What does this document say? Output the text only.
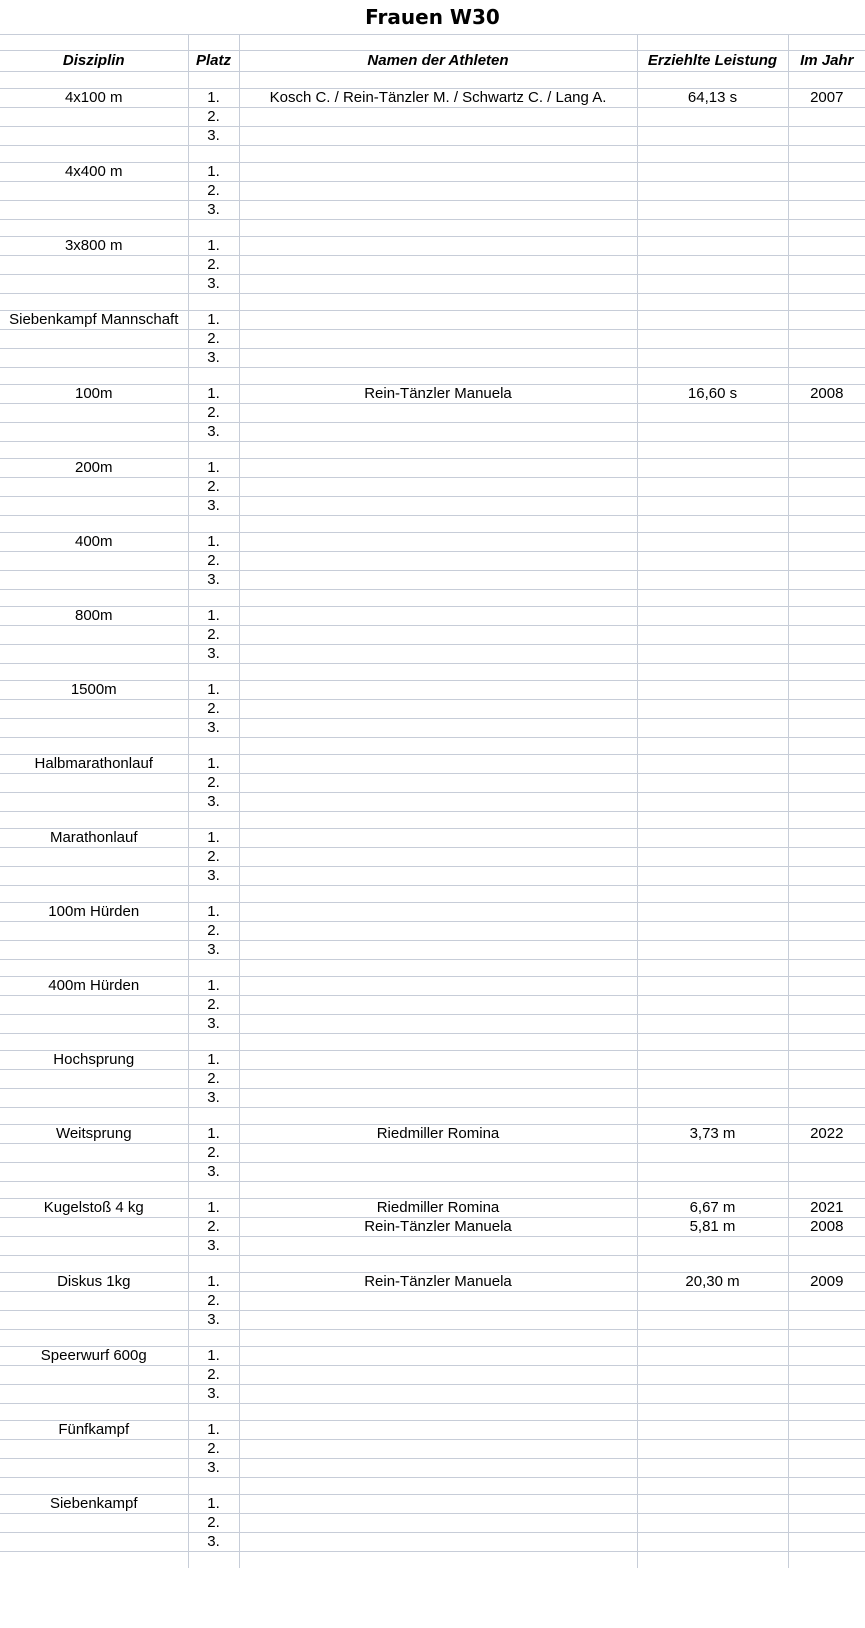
Frauen W30

Disziplin	Platz	Namen der Athleten	Erziehlte Leistung	Im Jahr

4x100 m	1.	Kosch C. / Rein-Tänzler M. / Schwartz C. / Lang A.	64,13 s	2007
	2.			
	3.			

4x400 m	1.			
	2.			
	3.			

3x800 m	1.			
	2.			
	3.			

Siebenkampf Mannschaft	1.			
	2.			
	3.			

100m	1.	Rein-Tänzler Manuela	16,60 s	2008
	2.			
	3.			

200m	1.			
	2.			
	3.			

400m	1.			
	2.			
	3.			

800m	1.			
	2.			
	3.			

1500m	1.			
	2.			
	3.			

Halbmarathonlauf	1.			
	2.			
	3.			

Marathonlauf	1.			
	2.			
	3.			

100m Hürden	1.			
	2.			
	3.			

400m Hürden	1.			
	2.			
	3.			

Hochsprung	1.			
	2.			
	3.			

Weitsprung	1.	Riedmiller Romina	3,73 m	2022
	2.			
	3.			

Kugelstoß 4 kg	1.	Riedmiller Romina	6,67 m	2021
	2.	Rein-Tänzler Manuela	5,81 m	2008
	3.			

Diskus 1kg	1.	Rein-Tänzler Manuela	20,30 m	2009
	2.			
	3.			

Speerwurf 600g	1.			
	2.			
	3.			

Fünfkampf	1.			
	2.			
	3.			

Siebenkampf	1.			
	2.			
	3.			
